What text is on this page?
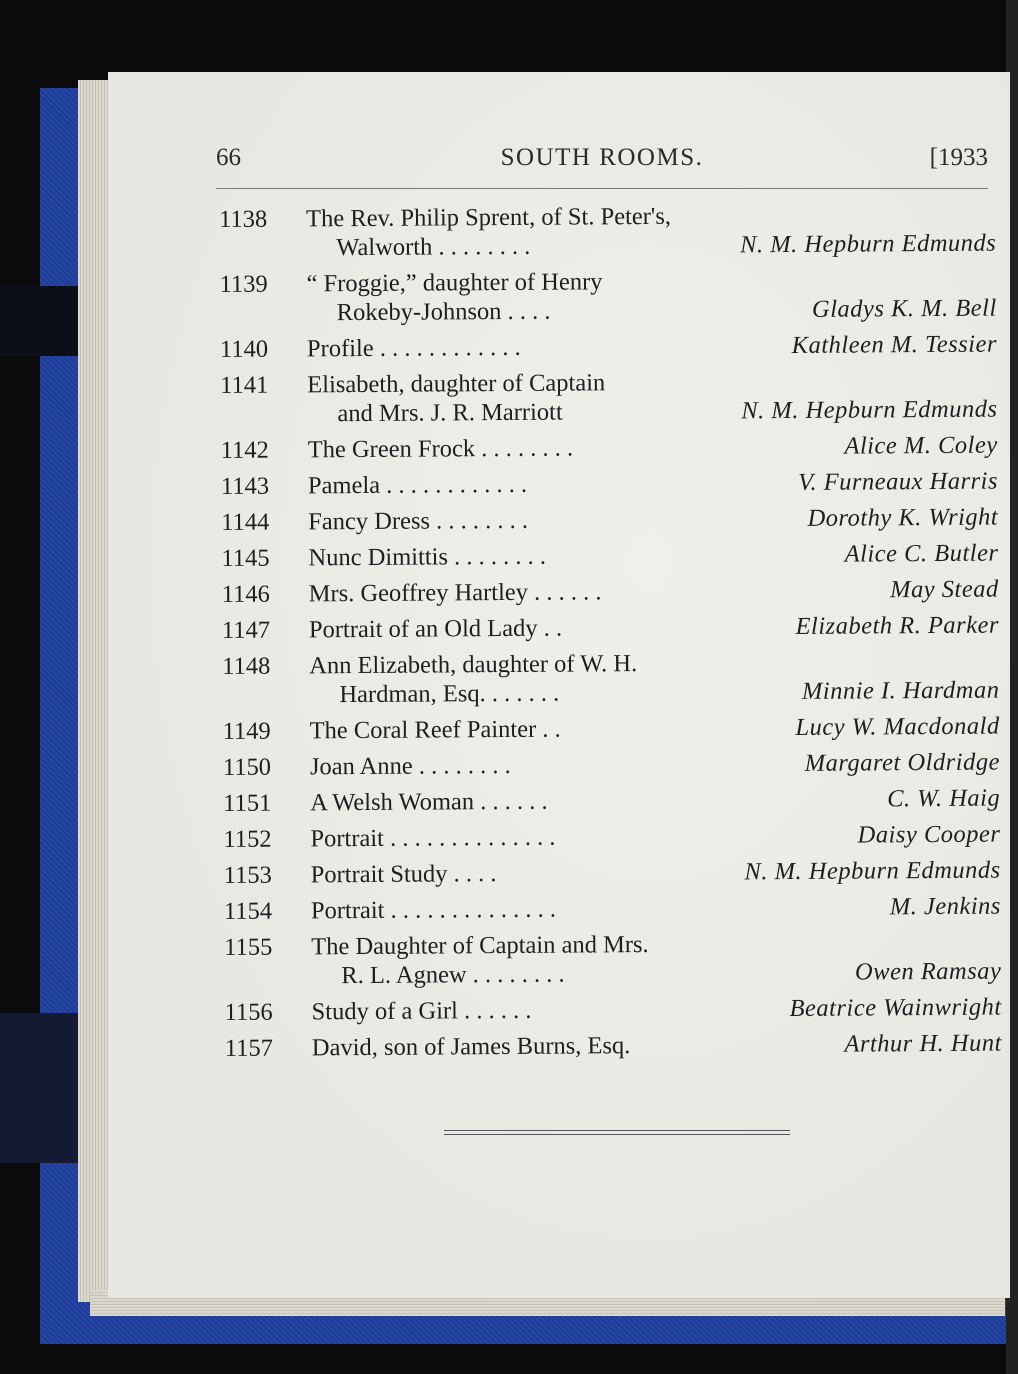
66	SOUTH ROOMS.	[1933
1138	The Rev. Philip Sprent, of St. Peter's,
Walworth . . . . . . . .	N. M. Hepburn Edmunds
1139	“ Froggie,” daughter of Henry
Rokeby-Johnson . . . .	Gladys K. M. Bell
1140	Profile . . . . . . . . . . . .	Kathleen M. Tessier
1141	Elisabeth, daughter of Captain
and Mrs. J. R. Marriott	N. M. Hepburn Edmunds
1142	The Green Frock . . . . . . . .	Alice M. Coley
1143	Pamela . . . . . . . . . . . .	V. Furneaux Harris
1144	Fancy Dress . . . . . . . .	Dorothy K. Wright
1145	Nunc Dimittis . . . . . . . .	Alice C. Butler
1146	Mrs. Geoffrey Hartley . . . . . .	May Stead
1147	Portrait of an Old Lady . .	Elizabeth R. Parker
1148	Ann Elizabeth, daughter of W. H.
Hardman, Esq. . . . . . .	Minnie I. Hardman
1149	The Coral Reef Painter . .	Lucy W. Macdonald
1150	Joan Anne . . . . . . . .	Margaret Oldridge
1151	A Welsh Woman . . . . . .	C. W. Haig
1152	Portrait . . . . . . . . . . . . . .	Daisy Cooper
1153	Portrait Study . . . .	N. M. Hepburn Edmunds
1154	Portrait . . . . . . . . . . . . . .	M. Jenkins
1155	The Daughter of Captain and Mrs.
R. L. Agnew . . . . . . . .	Owen Ramsay
1156	Study of a Girl . . . . . .	Beatrice Wainwright
1157	David, son of James Burns, Esq.	Arthur H. Hunt
